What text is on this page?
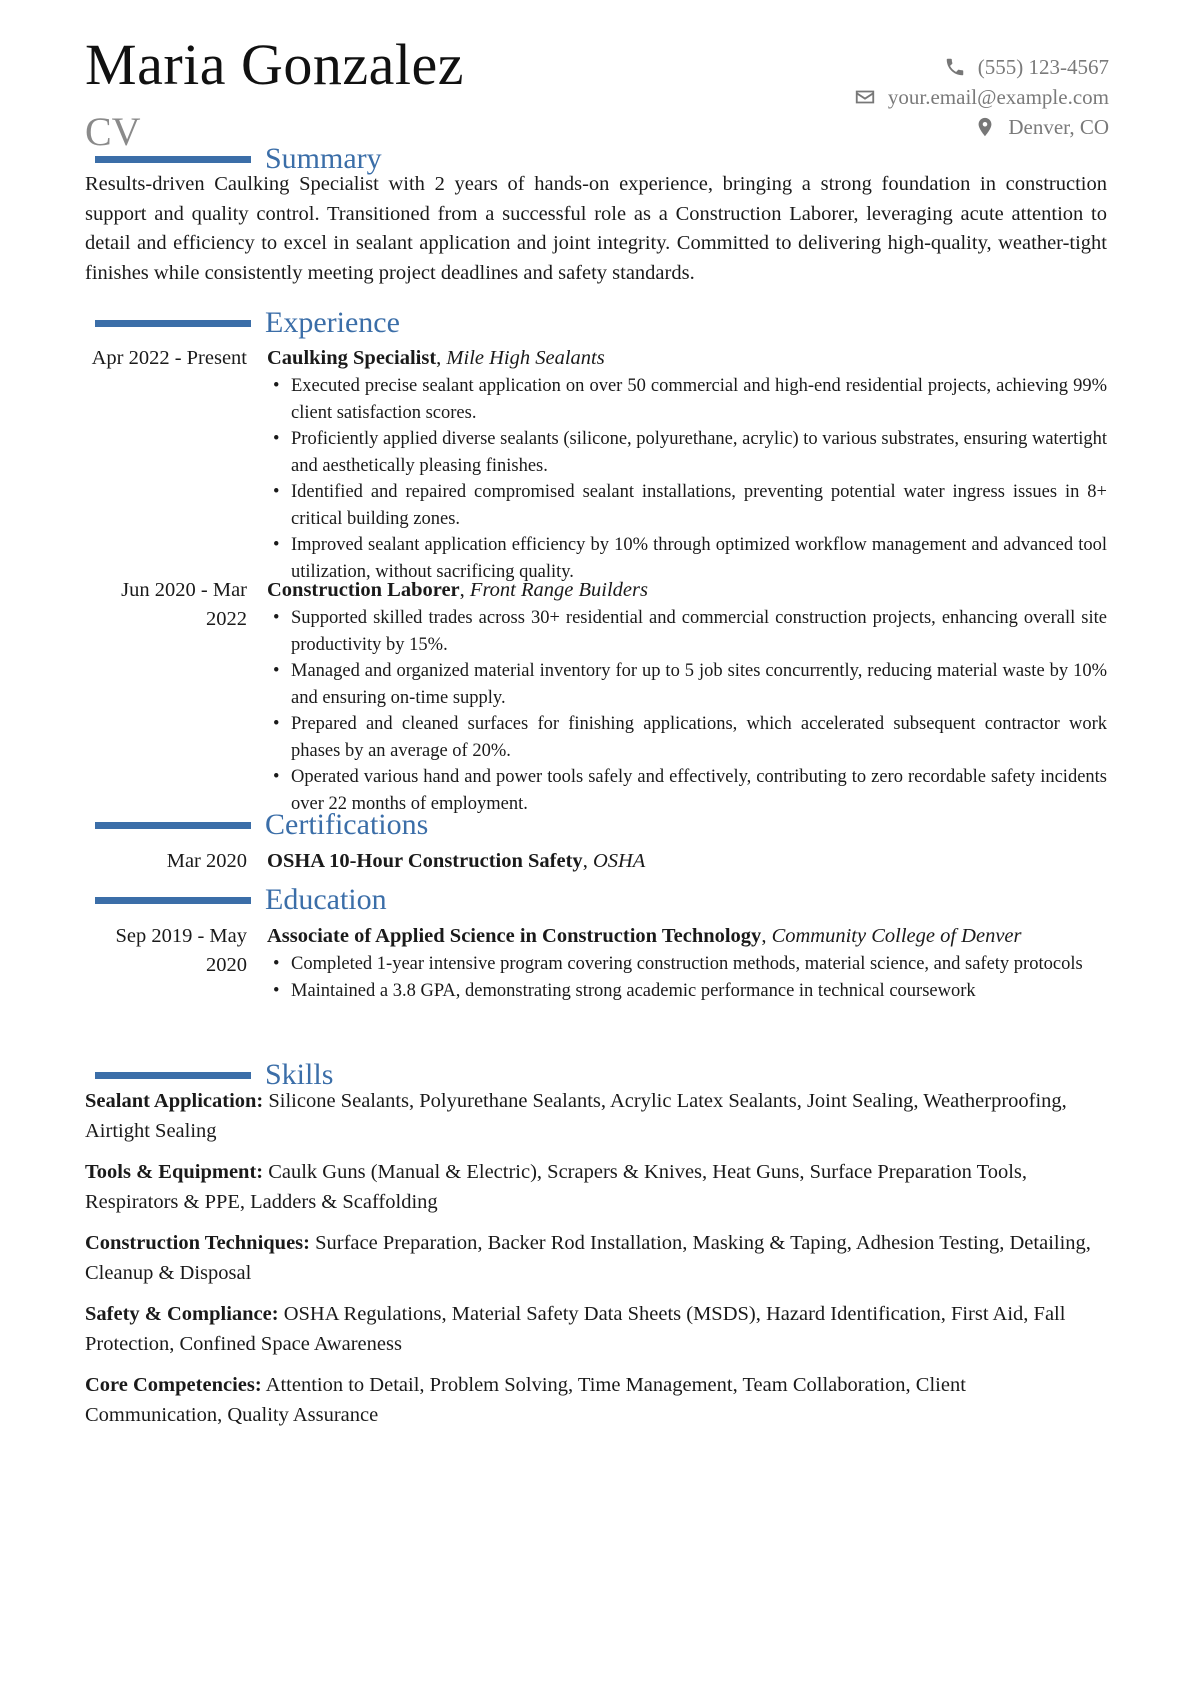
Maria Gonzalez
CV
(555) 123-4567
your.email@example.com
Denver, CO
Summary
Results-driven Caulking Specialist with 2 years of hands-on experience, bringing a strong foundation in construction support and quality control. Transitioned from a successful role as a Construction Laborer, leveraging acute attention to detail and efficiency to excel in sealant application and joint integrity. Committed to delivering high-quality, weather-tight finishes while consistently meeting project deadlines and safety standards.
Experience
Apr 2022 - Present Caulking Specialist, Mile High Sealants
• Executed precise sealant application on over 50 commercial and high-end residential projects, achieving 99% client satisfaction scores.
• Proficiently applied diverse sealants (silicone, polyurethane, acrylic) to various substrates, ensuring watertight and aesthetically pleasing finishes.
• Identified and repaired compromised sealant installations, preventing potential water ingress issues in 8+ critical building zones.
• Improved sealant application efficiency by 10% through optimized workflow management and advanced tool utilization, without sacrificing quality.
Jun 2020 - Mar 2022
Construction Laborer, Front Range Builders
• Supported skilled trades across 30+ residential and commercial construction projects, enhancing overall site productivity by 15%.
• Managed and organized material inventory for up to 5 job sites concurrently, reducing material waste by 10% and ensuring on-time supply.
• Prepared and cleaned surfaces for finishing applications, which accelerated subsequent contractor work phases by an average of 20%.
• Operated various hand and power tools safely and effectively, contributing to zero recordable safety incidents over 22 months of employment.
Certifications
Mar 2020 OSHA 10-Hour Construction Safety, OSHA
Education
Sep 2019 - May 2020
Associate of Applied Science in Construction Technology, Community College of Denver
• Completed 1-year intensive program covering construction methods, material science, and safety protocols
• Maintained a 3.8 GPA, demonstrating strong academic performance in technical coursework
Skills
Sealant Application: Silicone Sealants, Polyurethane Sealants, Acrylic Latex Sealants, Joint Sealing, Weatherproofing, Airtight Sealing
Tools & Equipment: Caulk Guns (Manual & Electric), Scrapers & Knives, Heat Guns, Surface Preparation Tools, Respirators & PPE, Ladders & Scaffolding
Construction Techniques: Surface Preparation, Backer Rod Installation, Masking & Taping, Adhesion Testing, Detailing, Cleanup & Disposal
Safety & Compliance: OSHA Regulations, Material Safety Data Sheets (MSDS), Hazard Identification, First Aid, Fall Protection, Confined Space Awareness
Core Competencies: Attention to Detail, Problem Solving, Time Management, Team Collaboration, Client Communication, Quality Assurance
